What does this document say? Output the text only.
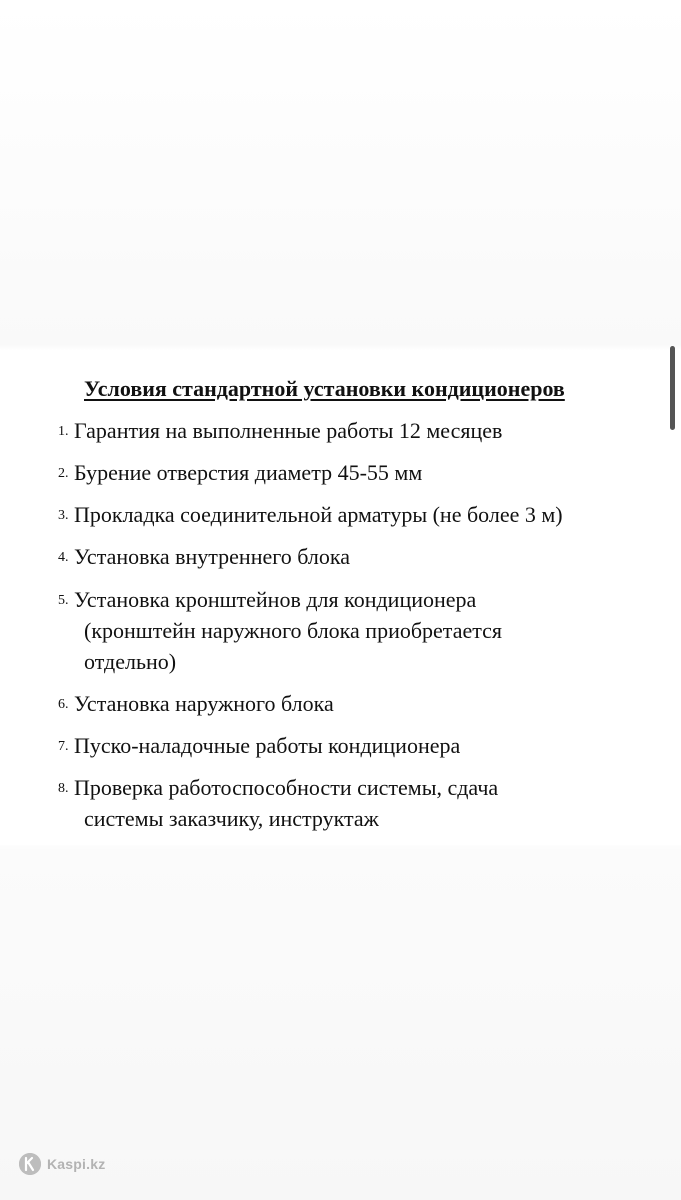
Условия стандартной установки кондиционеров
1. Гарантия на выполненные работы 12 месяцев
2. Бурение отверстия диаметр 45-55 мм
3. Прокладка соединительной арматуры (не более 3 м)
4. Установка внутреннего блока
5. Установка кронштейнов для кондиционера
(кронштейн наружного блока приобретается
отдельно)
6. Установка наружного блока
7. Пуско-наладочные работы кондиционера
8. Проверка работоспособности системы, сдача
системы заказчику, инструктаж
Kaspi.kz
